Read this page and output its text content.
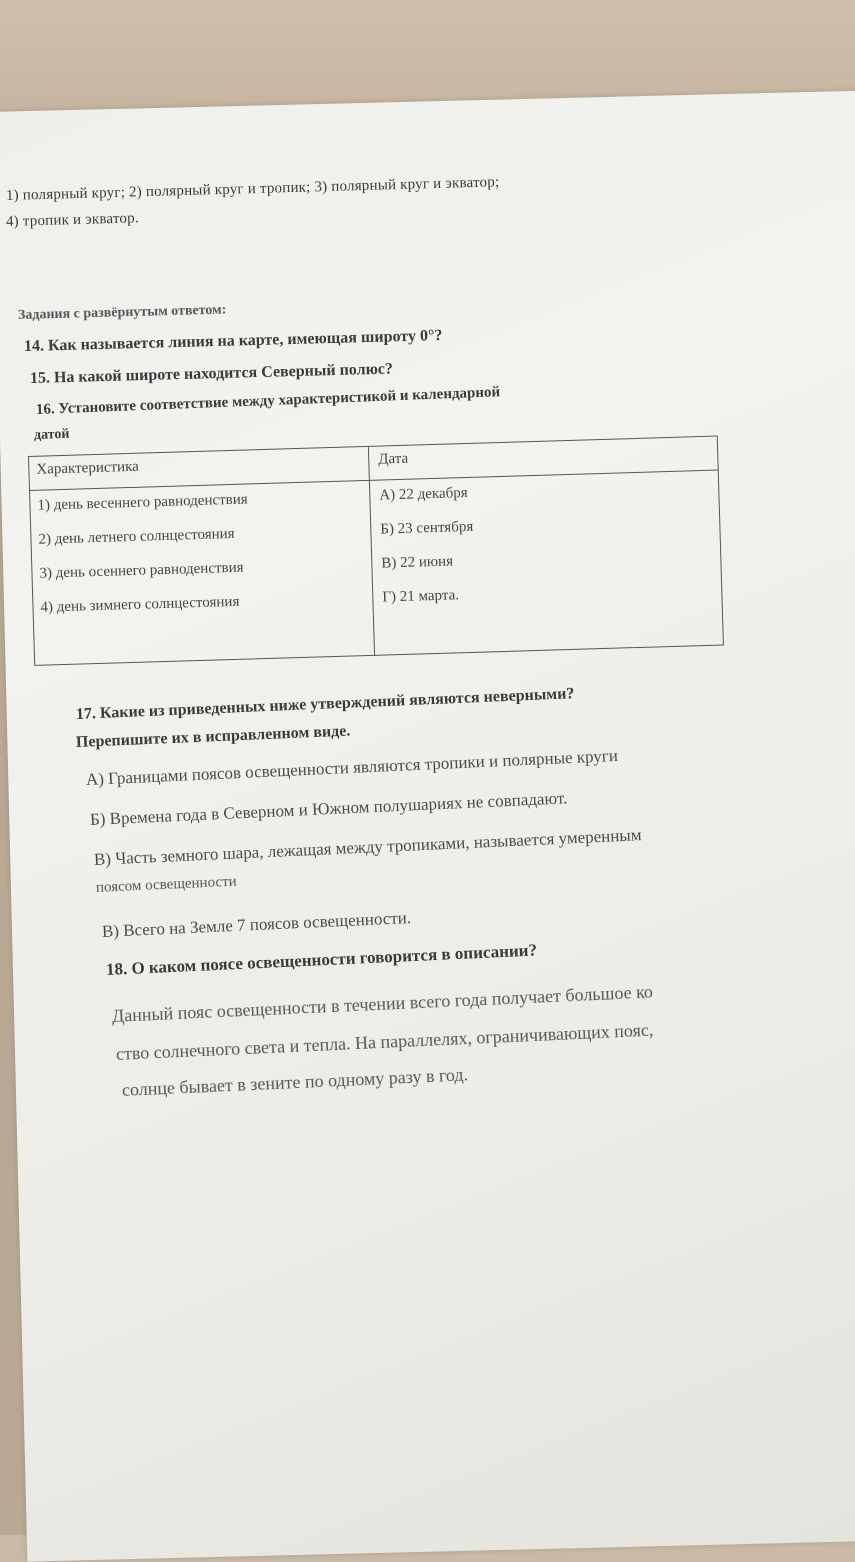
1) полярный круг; 2) полярный круг и тропик; 3) полярный круг и экватор;
4) тропик и экватор.
Задания с развёрнутым ответом:
14. Как называется линия на карте, имеющая широту 0°?
15. На какой широте находится Северный полюс?
16. Установите соответствие между характеристикой и календарной
датой
Характеристика	Дата
1) день весеннего равноденствия
2) день летнего солнцестояния
3) день осеннего равноденствия
4) день зимнего солнцестояния
А) 22 декабря
Б) 23 сентября
В) 22 июня
Г) 21 марта.
17. Какие из приведенных ниже утверждений являются неверными?
Перепишите их в исправленном виде.
А) Границами поясов освещенности являются тропики и полярные круги
Б) Времена года в Северном и Южном полушариях не совпадают.
В) Часть земного шара, лежащая между тропиками, называется умеренным
поясом освещенности
В) Всего на Земле 7 поясов освещенности.
18. О каком поясе освещенности говорится в описании?
Данный пояс освещенности в течении всего года получает большое ко
ство солнечного света и тепла. На параллелях, ограничивающих пояс,
солнце бывает в зените по одному разу в год.
